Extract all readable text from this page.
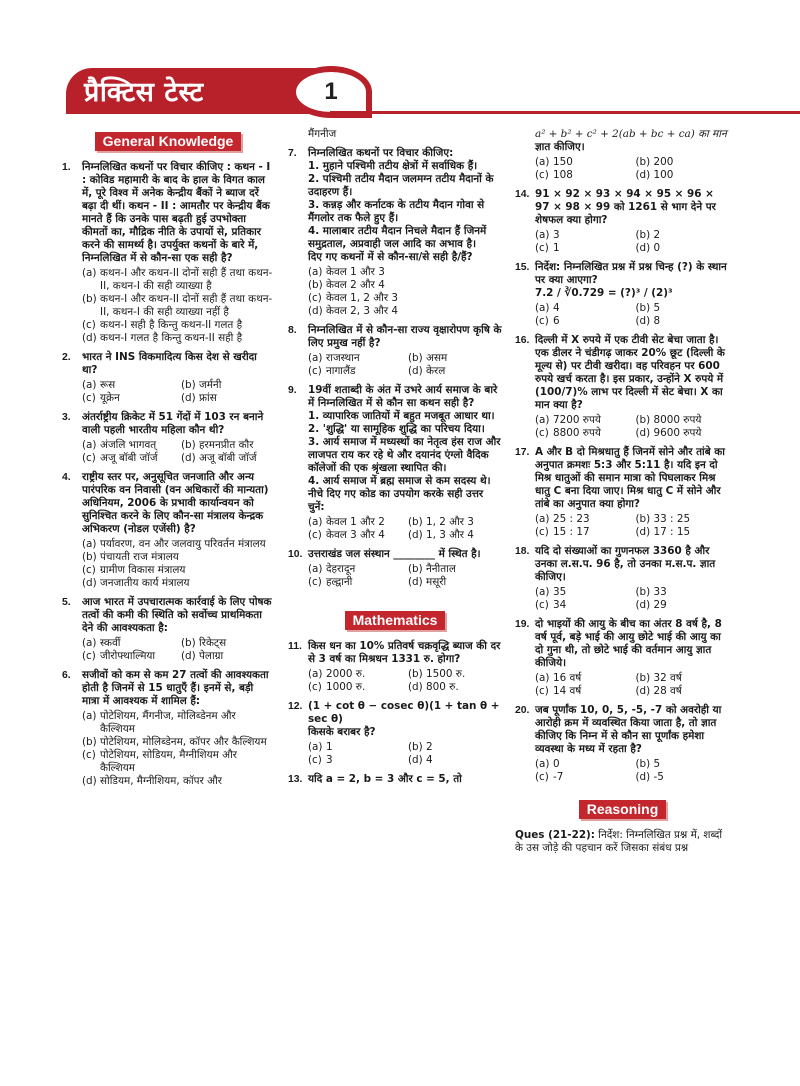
प्रैक्टिस टेस्ट	1
General Knowledge
1.	निम्नलिखित कथनों पर विचार कीजिए : कथन - I : कोविड महामारी के बाद के हाल के विगत काल में, पूरे विश्व में अनेक केन्द्रीय बैंकों ने ब्याज दरें बढ़ा दी थीं। कथन - II : आमतौर पर केन्द्रीय बैंक मानते हैं कि उनके पास बढ़ती हुई उपभोक्ता कीमतों का, मौद्रिक नीति के उपायों से, प्रतिकार करने की सामर्थ्य है। उपर्युक्त कथनों के बारे में, निम्नलिखित में से कौन-सा एक सही है?
(a) कथन-I और कथन-II दोनों सही हैं तथा कथन-II, कथन-I की सही व्याख्या है
(b) कथन-I और कथन-II दोनों सही हैं तथा कथन-II, कथन-I की सही व्याख्या नहीं है
(c) कथन-I सही है किन्तु कथन-II गलत है
(d) कथन-I गलत है किन्तु कथन-II सही है
2.	भारत ने INS विकमादित्य किस देश से खरीदा था?
(a) रूस	(b) जर्मनी
(c) यूक्रेन	(d) फ्रांस
3.	अंतर्राष्ट्रीय क्रिकेट में 51 गेंदों में 103 रन बनाने वाली पहली भारतीय महिला कौन थी?
(a) अंजलि भागवत् (b) हरमनप्रीत कौर
(c) अजू बॉबी जॉर्ज (d) अजू बॉबी जॉर्ज
4.	राष्ट्रीय स्तर पर, अनुसूचित जनजाति और अन्य पारंपरिक वन निवासी (वन अधिकारों की मान्यता) अधिनियम, 2006 के प्रभावी कार्यान्वयन को सुनिश्चित करने के लिए कौन-सा मंत्रालय केन्द्रक अभिकरण (नोडल एजेंसी) है?
(a) पर्यावरण, वन और जलवायु परिवर्तन मंत्रालय
(b) पंचायती राज मंत्रालय
(c) ग्रामीण विकास मंत्रालय
(d) जनजातीय कार्य मंत्रालय
5.	आज भारत में उपचारात्मक कार्रवाई के लिए पोषक तत्वों की कमी की स्थिति को सर्वोच्च प्राथमिकता देने की आवश्यकता है:
(a) स्कर्वी	(b) रिकेट्स
(c) जीरोफ्थाल्मिया (d) पेलाग्रा
6.	सजीवों को कम से कम 27 तत्वों की आवश्यकता होती है जिनमें से 15 धातुएँ हैं। इनमें से, बड़ी मात्रा में आवश्यक में शामिल हैं:
(a) पोटेशियम, मैंगनीज, मोलिब्डेनम और कैल्शियम
(b) पोटेशियम, मोलिब्डेनम, कॉपर और कैल्शियम
(c) पोटेशियम, सोडियम, मैग्नीशियम और कैल्शियम
(d) सोडियम, मैग्नीशियम, कॉपर और
मैंगनीज
7.	निम्नलिखित कथनों पर विचार कीजिए:
1. मुहाने पश्चिमी तटीय क्षेत्रों में सर्वाधिक हैं।
2. पश्चिमी तटीय मैदान जलमग्न तटीय मैदानों के उदाहरण हैं।
3. कन्नड़ और कर्नाटक के तटीय मैदान गोवा से मैंगलोर तक फैले हुए हैं।
4. मालाबार तटीय मैदान निचले मैदान हैं जिनमें समुद्रताल, अप्रवाही जल आदि का अभाव है।
दिए गए कथनों में से कौन-सा/से सही है/हैं?
(a) केवल 1 और 3
(b) केवल 2 और 4
(c) केवल 1, 2 और 3
(d) केवल 2, 3 और 4
8.	निम्नलिखित में से कौन-सा राज्य वृक्षारोपण कृषि के लिए प्रमुख नहीं है?
(a) राजस्थान	(b) असम
(c) नागालैंड	(d) केरल
9.	19वीं शताब्दी के अंत में उभरे आर्य समाज के बारे में निम्नलिखित में से कौन सा कथन सही है?
1. व्यापारिक जातियों में बहुत मजबूत आधार था।
2. 'शुद्धि' या सामूहिक शुद्धि का परिचय दिया।
3. आर्य समाज में मध्यस्थों का नेतृत्व हंस राज और लाजपत राय कर रहे थे और दयानंद एंग्लो वैदिक कॉलेजों की एक श्रृंखला स्थापित की।
4. आर्य समाज में ब्रह्म समाज से कम सदस्य थे।
नीचे दिए गए कोड का उपयोग करके सही उत्तर चुनें:
(a) केवल 1 और 2 (b) 1, 2 और 3
(c) केवल 3 और 4 (d) 1, 3 और 4
10. उत्तराखंड जल संस्थान ________ में स्थित है।
(a) देहरादून	(b) नैनीताल
(c) हल्द्वानी	(d) मसूरी
Mathematics
11. किस धन का 10% प्रतिवर्ष चक्रवृद्धि ब्याज की दर से 3 वर्ष का मिश्रधन 1331 रु. होगा?
(a) 2000 रु.	(b) 1500 रु.
(c) 1000 रु.	(d) 800 रु.
12. (1 + cot θ − cosec θ)(1 + tan θ + sec θ)
किसके बराबर है?
(a) 1	(b) 2
(c) 3	(d) 4
13. यदि a = 2, b = 3 और c = 5, तो
a² + b² + c² + 2(ab + bc + ca) का मान
ज्ञात कीजिए।
(a) 150	(b) 200
(c) 108	(d) 100
14. 91 × 92 × 93 × 94 × 95 × 96 × 97 × 98 × 99 को 1261 से भाग देने पर शेषफल क्या होगा?
(a) 3	(b) 2
(c) 1	(d) 0
15. निर्देश: निम्नलिखित प्रश्न में प्रश्न चिन्ह (?) के स्थान पर क्या आएगा?
7.2 / ∛0.729 = (?)³ / (2)³
(a) 4	(b) 5
(c) 6	(d) 8
16. दिल्ली में X रुपये में एक टीवी सेट बेचा जाता है। एक डीलर ने चंडीगढ़ जाकर 20% छूट (दिल्ली के मूल्य से) पर टीवी खरीदा। वह परिवहन पर 600 रुपये खर्च करता है। इस प्रकार, उन्होंने X रुपये में (100/7)% लाभ पर दिल्ली में सेट बेचा। X का मान क्या है?
(a) 7200 रुपये	(b) 8000 रुपये
(c) 8800 रुपये	(d) 9600 रुपये
17. A और B दो मिश्रधातु हैं जिनमें सोने और तांबे का अनुपात क्रमशः 5:3 और 5:11 है। यदि इन दो मिश्र धातुओं की समान मात्रा को पिघलाकर मिश्र धातु C बना दिया जाए। मिश्र धातु C में सोने और तांबे का अनुपात क्या होगा?
(a) 25 : 23	(b) 33 : 25
(c) 15 : 17	(d) 17 : 15
18. यदि दो संख्याओं का गुणनफल 3360 है और उनका ल.स.प. 96 है, तो उनका म.स.प. ज्ञात कीजिए।
(a) 35	(b) 33
(c) 34	(d) 29
19. दो भाइयों की आयु के बीच का अंतर 8 वर्ष है, 8 वर्ष पूर्व, बड़े भाई की आयु छोटे भाई की आयु का दो गुना थी, तो छोटे भाई की वर्तमान आयु ज्ञात कीजिये।
(a) 16 वर्ष	(b) 32 वर्ष
(c) 14 वर्ष	(d) 28 वर्ष
20. जब पूर्णांक 10, 0, 5, -5, -7 को अवरोही या आरोही क्रम में व्यवस्थित किया जाता है, तो ज्ञात कीजिए कि निम्न में से कौन सा पूर्णांक हमेशा व्यवस्था के मध्य में रहता है?
(a) 0	(b) 5
(c) -7	(d) -5
Reasoning
Ques (21-22): निर्देश: निम्नलिखित प्रश्न में, शब्दों के उस जोड़े की पहचान करें जिसका संबंध प्रश्न
